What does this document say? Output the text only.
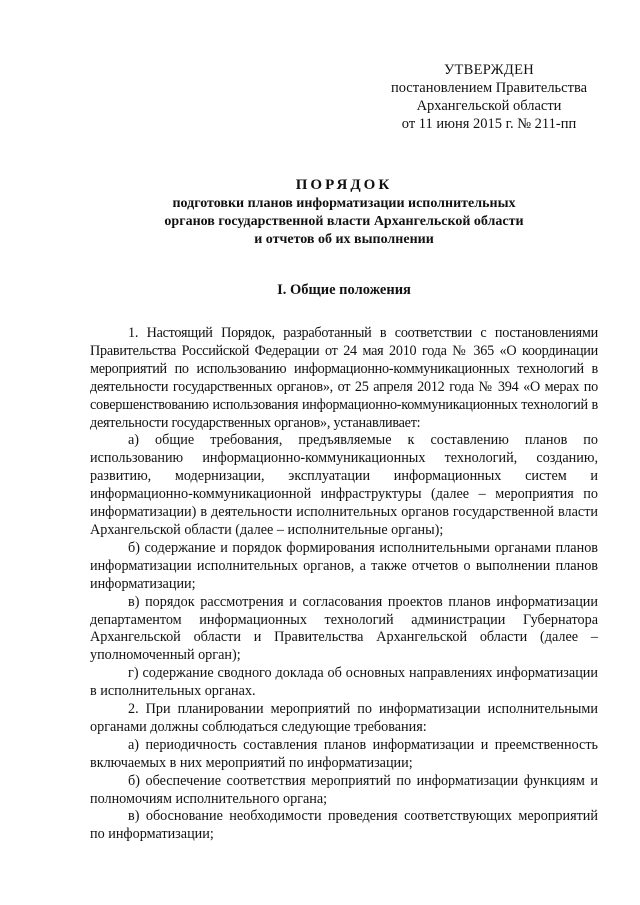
УТВЕРЖДЕН
постановлением Правительства
Архангельской области
от 11 июня 2015 г. № 211-пп
ПОРЯДОК
подготовки планов информатизации исполнительных
органов государственной власти Архангельской области
и отчетов об их выполнении
I. Общие положения

1. Настоящий Порядок, разработанный в соответствии с постановлениями Правительства Российской Федерации от 24 мая 2010 года № 365 «О координации мероприятий по использованию информационно-коммуникационных технологий в деятельности государственных органов», от 25 апреля 2012 года № 394 «О мерах по совершенствованию использования информационно-коммуникационных технологий в деятельности государственных органов», устанавливает:

а) общие требования, предъявляемые к составлению планов по использованию информационно-коммуникационных технологий, созданию, развитию, модернизации, эксплуатации информационных систем и информационно-коммуникационной инфраструктуры (далее – мероприятия по информатизации) в деятельности исполнительных органов государственной власти Архангельской области (далее – исполнительные органы);

б) содержание и порядок формирования исполнительными органами планов информатизации исполнительных органов, а также отчетов о выполнении планов информатизации;

в) порядок рассмотрения и согласования проектов планов информатизации департаментом информационных технологий администрации Губернатора Архангельской области и Правительства Архангельской области (далее – уполномоченный орган);

г) содержание сводного доклада об основных направлениях информатизации в исполнительных органах.

2. При планировании мероприятий по информатизации исполнительными органами должны соблюдаться следующие требования:

а) периодичность составления планов информатизации и преемственность включаемых в них мероприятий по информатизации;

б) обеспечение соответствия мероприятий по информатизации функциям и полномочиям исполнительного органа;

в) обоснование необходимости проведения соответствующих мероприятий по информатизации;
